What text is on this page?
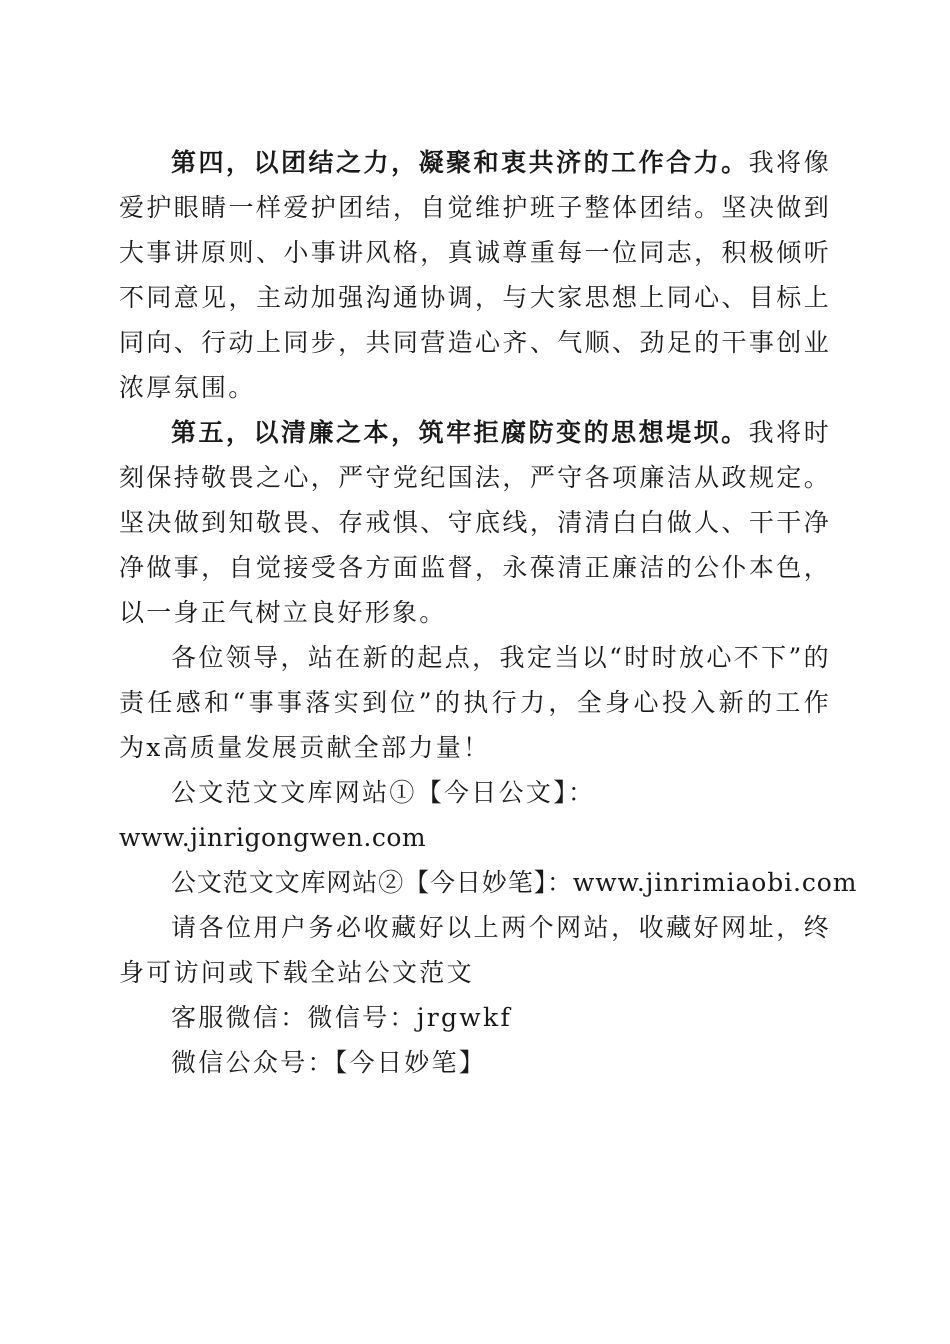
第四，以团结之力，凝聚和衷共济的工作合力。我将像爱护眼睛一样爱护团结，自觉维护班子整体团结。坚决做到大事讲原则、小事讲风格，真诚尊重每一位同志，积极倾听不同意见，主动加强沟通协调，与大家思想上同心、目标上同向、行动上同步，共同营造心齐、气顺、劲足的干事创业浓厚氛围。

第五，以清廉之本，筑牢拒腐防变的思想堤坝。我将时刻保持敬畏之心，严守党纪国法，严守各项廉洁从政规定。坚决做到知敬畏、存戒惧、守底线，清清白白做人、干干净净做事，自觉接受各方面监督，永葆清正廉洁的公仆本色，以一身正气树立良好形象。

各位领导，站在新的起点，我定当以“时时放心不下”的责任感和“事事落实到位”的执行力，全身心投入新的工作为x高质量发展贡献全部力量！

公文范文文库网站①【今日公文】：
www.jinrigongwen.com

公文范文文库网站②【今日妙笔】：www.jinrimiaobi.com

请各位用户务必收藏好以上两个网站，收藏好网址，终身可访问或下载全站公文范文

客服微信：微信号：jrgwkf

微信公众号：【今日妙笔】
